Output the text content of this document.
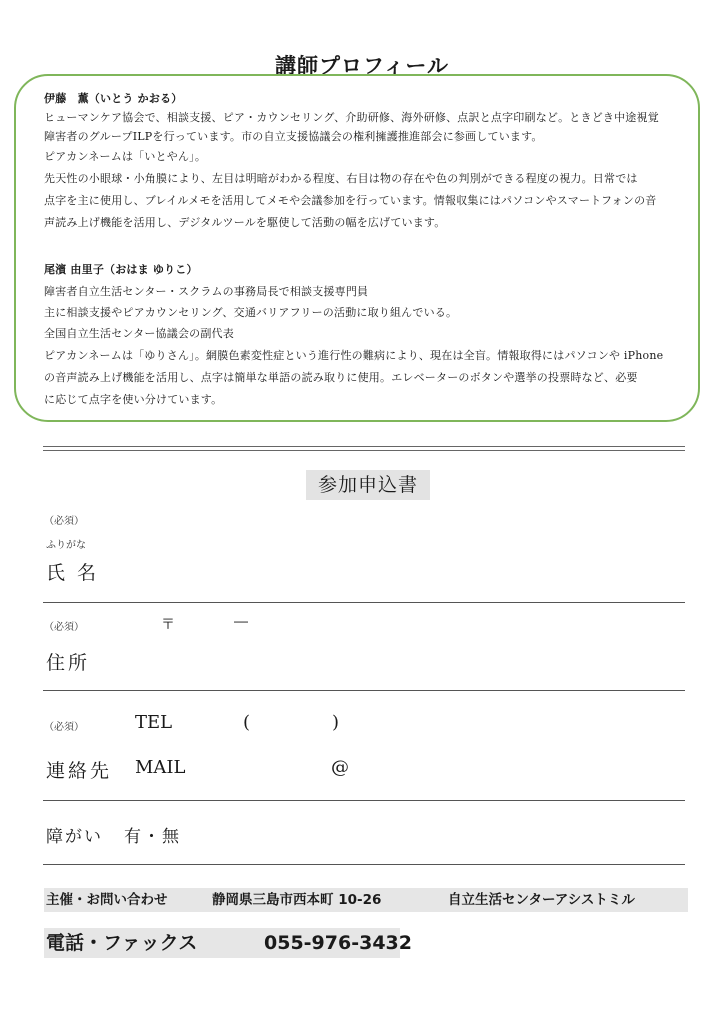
講師プロフィール
伊藤　薫（いとう かおる）
ヒューマンケア協会で、相談支援、ピア・カウンセリング、介助研修、海外研修、点訳と点字印刷など。ときどき中途視覚
障害者のグループILPを行っています。市の自立支援協議会の権利擁護推進部会に参画しています。
ピアカンネームは「いとやん」。
先天性の小眼球・小角膜により、左目は明暗がわかる程度、右目は物の存在や色の判別ができる程度の視力。日常では
点字を主に使用し、ブレイルメモを活用してメモや会議参加を行っています。情報収集にはパソコンやスマートフォンの音
声読み上げ機能を活用し、デジタルツールを駆使して活動の幅を広げています。
尾濱 由里子（おはま ゆりこ）
障害者自立生活センター・スクラムの事務局長で相談支援専門員
主に相談支援やピアカウンセリング、交通バリアフリーの活動に取り組んでいる。
全国自立生活センター協議会の副代表
ピアカンネームは「ゆりさん」。網膜色素変性症という進行性の難病により、現在は全盲。情報取得にはパソコンや iPhone
の音声読み上げ機能を活用し、点字は簡単な単語の読み取りに使用。エレベーターのボタンや選挙の投票時など、必要
に応じて点字を使い分けています。
参加申込書
（必須）
ふりがな
氏 名
（必須）	〒	―
住所
（必須）	TEL	(	)
連絡先 MAIL	@
障がい 有・無
主催・お問い合わせ	静岡県三島市西本町 10-26	自立生活センターアシストミル
電話・ファックス	055-976-3432
